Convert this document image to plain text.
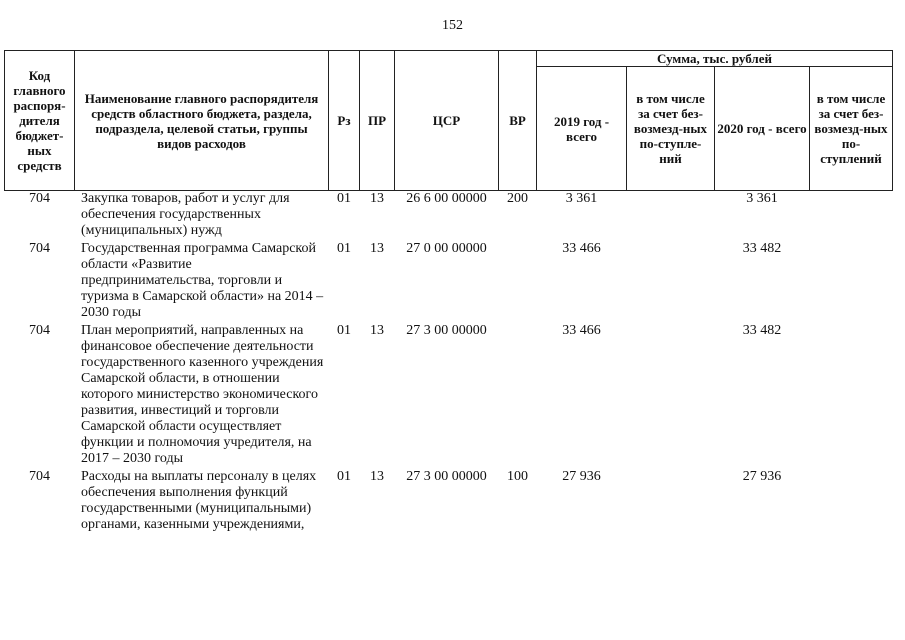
152
Код главного распоря-дителя бюджет-ных средств	Наименование главного распорядителя средств областного бюджета, раздела, подраздела, целевой статьи, группы видов расходов	Рз	ПР	ЦСР	ВР	Сумма, тыс. рублей			
						2019 год - всего	в том числе за счет без-возмезд-ных по-ступле-ний	2020 год - всего	в том числе за счет без-возмезд-ных по-ступлений
704	Закупка товаров, работ и услуг для обеспечения государственных (муниципальных) нужд	01	13	26 6 00 00000	200	3 361		3 361	
704	Государственная программа Самарской области «Развитие предпринимательства, торговли и туризма в Самарской области» на 2014 – 2030 годы	01	13	27 0 00 00000		33 466		33 482	
704	План мероприятий, направленных на финансовое обеспечение деятельности государственного казенного учреждения Самарской области, в отношении которого министерство экономического развития, инвестиций и торговли Самарской области осуществляет функции и полномочия учредителя, на 2017 – 2030 годы	01	13	27 3 00 00000		33 466		33 482	
704	Расходы на выплаты персоналу в целях обеспечения выполнения функций государственными (муниципальными) органами, казенными учреждениями,	01	13	27 3 00 00000	100	27 936		27 936	
